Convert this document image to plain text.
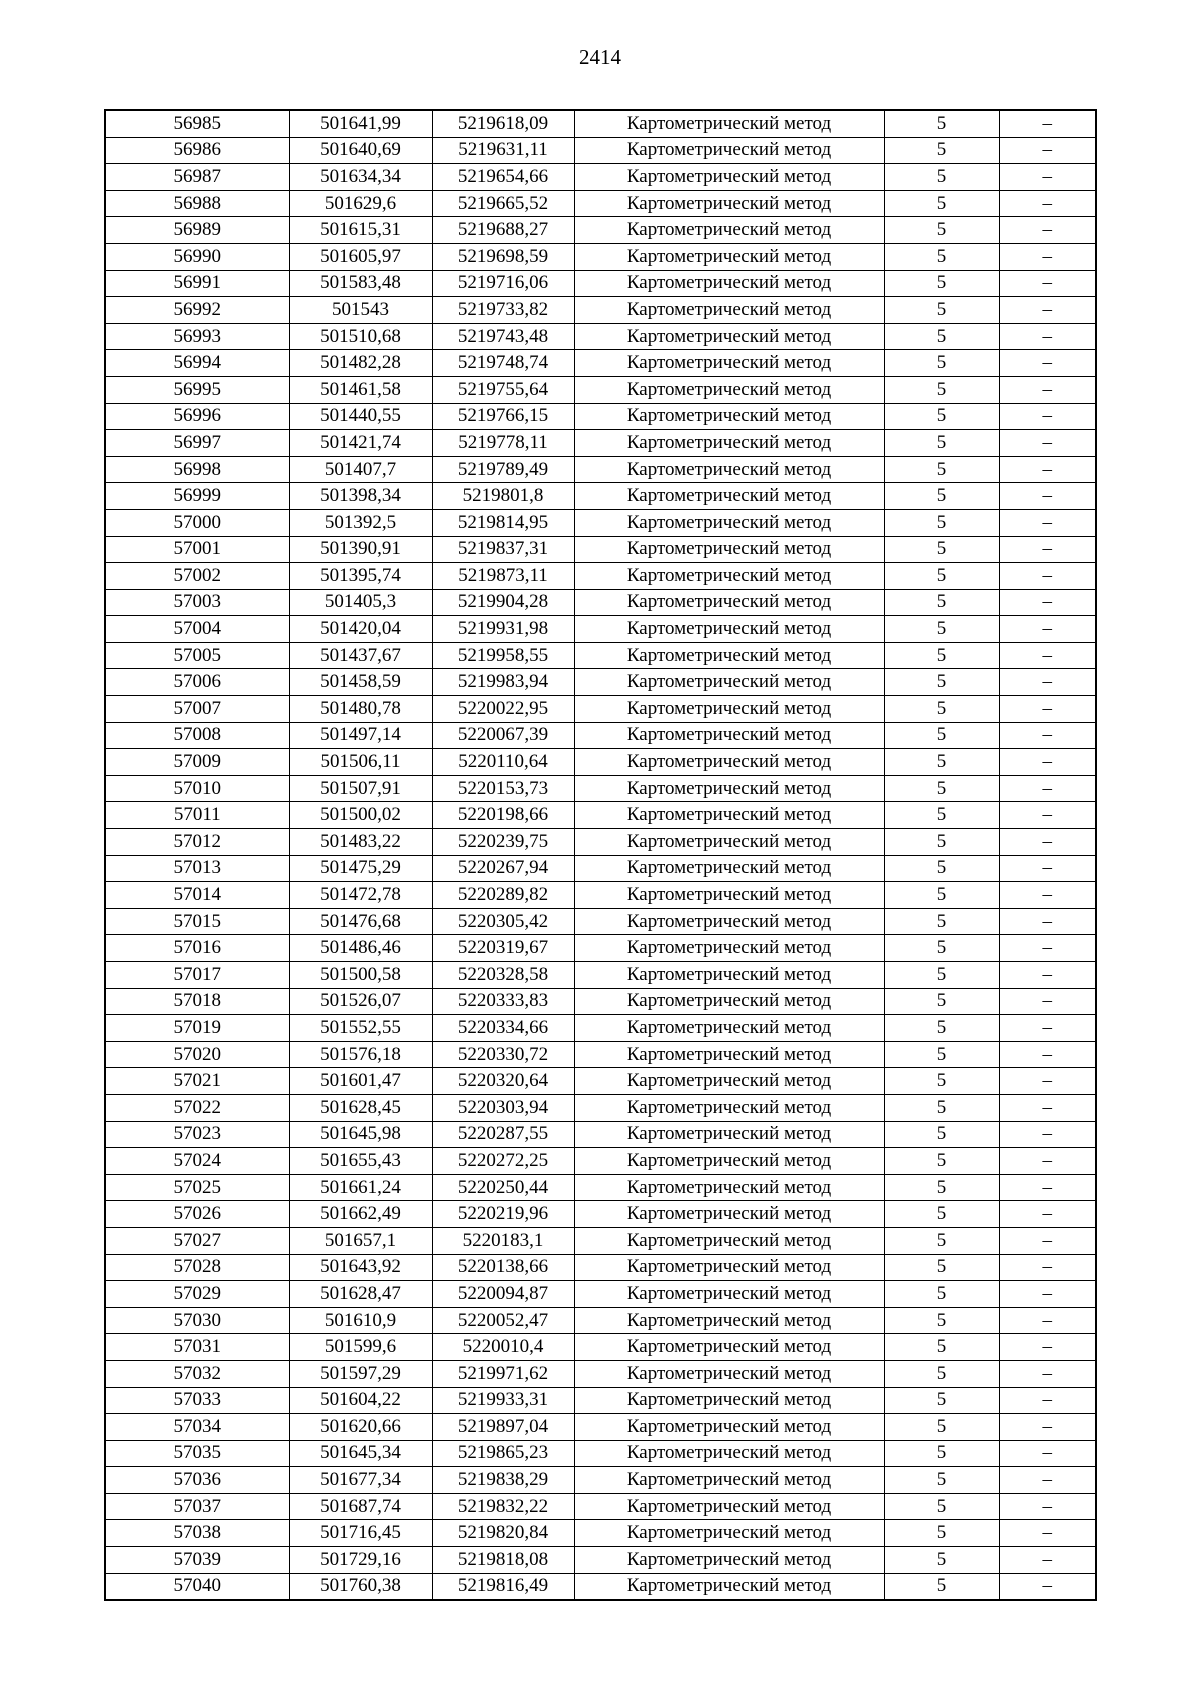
2414
56985	501641,99	5219618,09	Картометрический метод	5	–
56986	501640,69	5219631,11	Картометрический метод	5	–
56987	501634,34	5219654,66	Картометрический метод	5	–
56988	501629,6	5219665,52	Картометрический метод	5	–
56989	501615,31	5219688,27	Картометрический метод	5	–
56990	501605,97	5219698,59	Картометрический метод	5	–
56991	501583,48	5219716,06	Картометрический метод	5	–
56992	501543	5219733,82	Картометрический метод	5	–
56993	501510,68	5219743,48	Картометрический метод	5	–
56994	501482,28	5219748,74	Картометрический метод	5	–
56995	501461,58	5219755,64	Картометрический метод	5	–
56996	501440,55	5219766,15	Картометрический метод	5	–
56997	501421,74	5219778,11	Картометрический метод	5	–
56998	501407,7	5219789,49	Картометрический метод	5	–
56999	501398,34	5219801,8	Картометрический метод	5	–
57000	501392,5	5219814,95	Картометрический метод	5	–
57001	501390,91	5219837,31	Картометрический метод	5	–
57002	501395,74	5219873,11	Картометрический метод	5	–
57003	501405,3	5219904,28	Картометрический метод	5	–
57004	501420,04	5219931,98	Картометрический метод	5	–
57005	501437,67	5219958,55	Картометрический метод	5	–
57006	501458,59	5219983,94	Картометрический метод	5	–
57007	501480,78	5220022,95	Картометрический метод	5	–
57008	501497,14	5220067,39	Картометрический метод	5	–
57009	501506,11	5220110,64	Картометрический метод	5	–
57010	501507,91	5220153,73	Картометрический метод	5	–
57011	501500,02	5220198,66	Картометрический метод	5	–
57012	501483,22	5220239,75	Картометрический метод	5	–
57013	501475,29	5220267,94	Картометрический метод	5	–
57014	501472,78	5220289,82	Картометрический метод	5	–
57015	501476,68	5220305,42	Картометрический метод	5	–
57016	501486,46	5220319,67	Картометрический метод	5	–
57017	501500,58	5220328,58	Картометрический метод	5	–
57018	501526,07	5220333,83	Картометрический метод	5	–
57019	501552,55	5220334,66	Картометрический метод	5	–
57020	501576,18	5220330,72	Картометрический метод	5	–
57021	501601,47	5220320,64	Картометрический метод	5	–
57022	501628,45	5220303,94	Картометрический метод	5	–
57023	501645,98	5220287,55	Картометрический метод	5	–
57024	501655,43	5220272,25	Картометрический метод	5	–
57025	501661,24	5220250,44	Картометрический метод	5	–
57026	501662,49	5220219,96	Картометрический метод	5	–
57027	501657,1	5220183,1	Картометрический метод	5	–
57028	501643,92	5220138,66	Картометрический метод	5	–
57029	501628,47	5220094,87	Картометрический метод	5	–
57030	501610,9	5220052,47	Картометрический метод	5	–
57031	501599,6	5220010,4	Картометрический метод	5	–
57032	501597,29	5219971,62	Картометрический метод	5	–
57033	501604,22	5219933,31	Картометрический метод	5	–
57034	501620,66	5219897,04	Картометрический метод	5	–
57035	501645,34	5219865,23	Картометрический метод	5	–
57036	501677,34	5219838,29	Картометрический метод	5	–
57037	501687,74	5219832,22	Картометрический метод	5	–
57038	501716,45	5219820,84	Картометрический метод	5	–
57039	501729,16	5219818,08	Картометрический метод	5	–
57040	501760,38	5219816,49	Картометрический метод	5	–
